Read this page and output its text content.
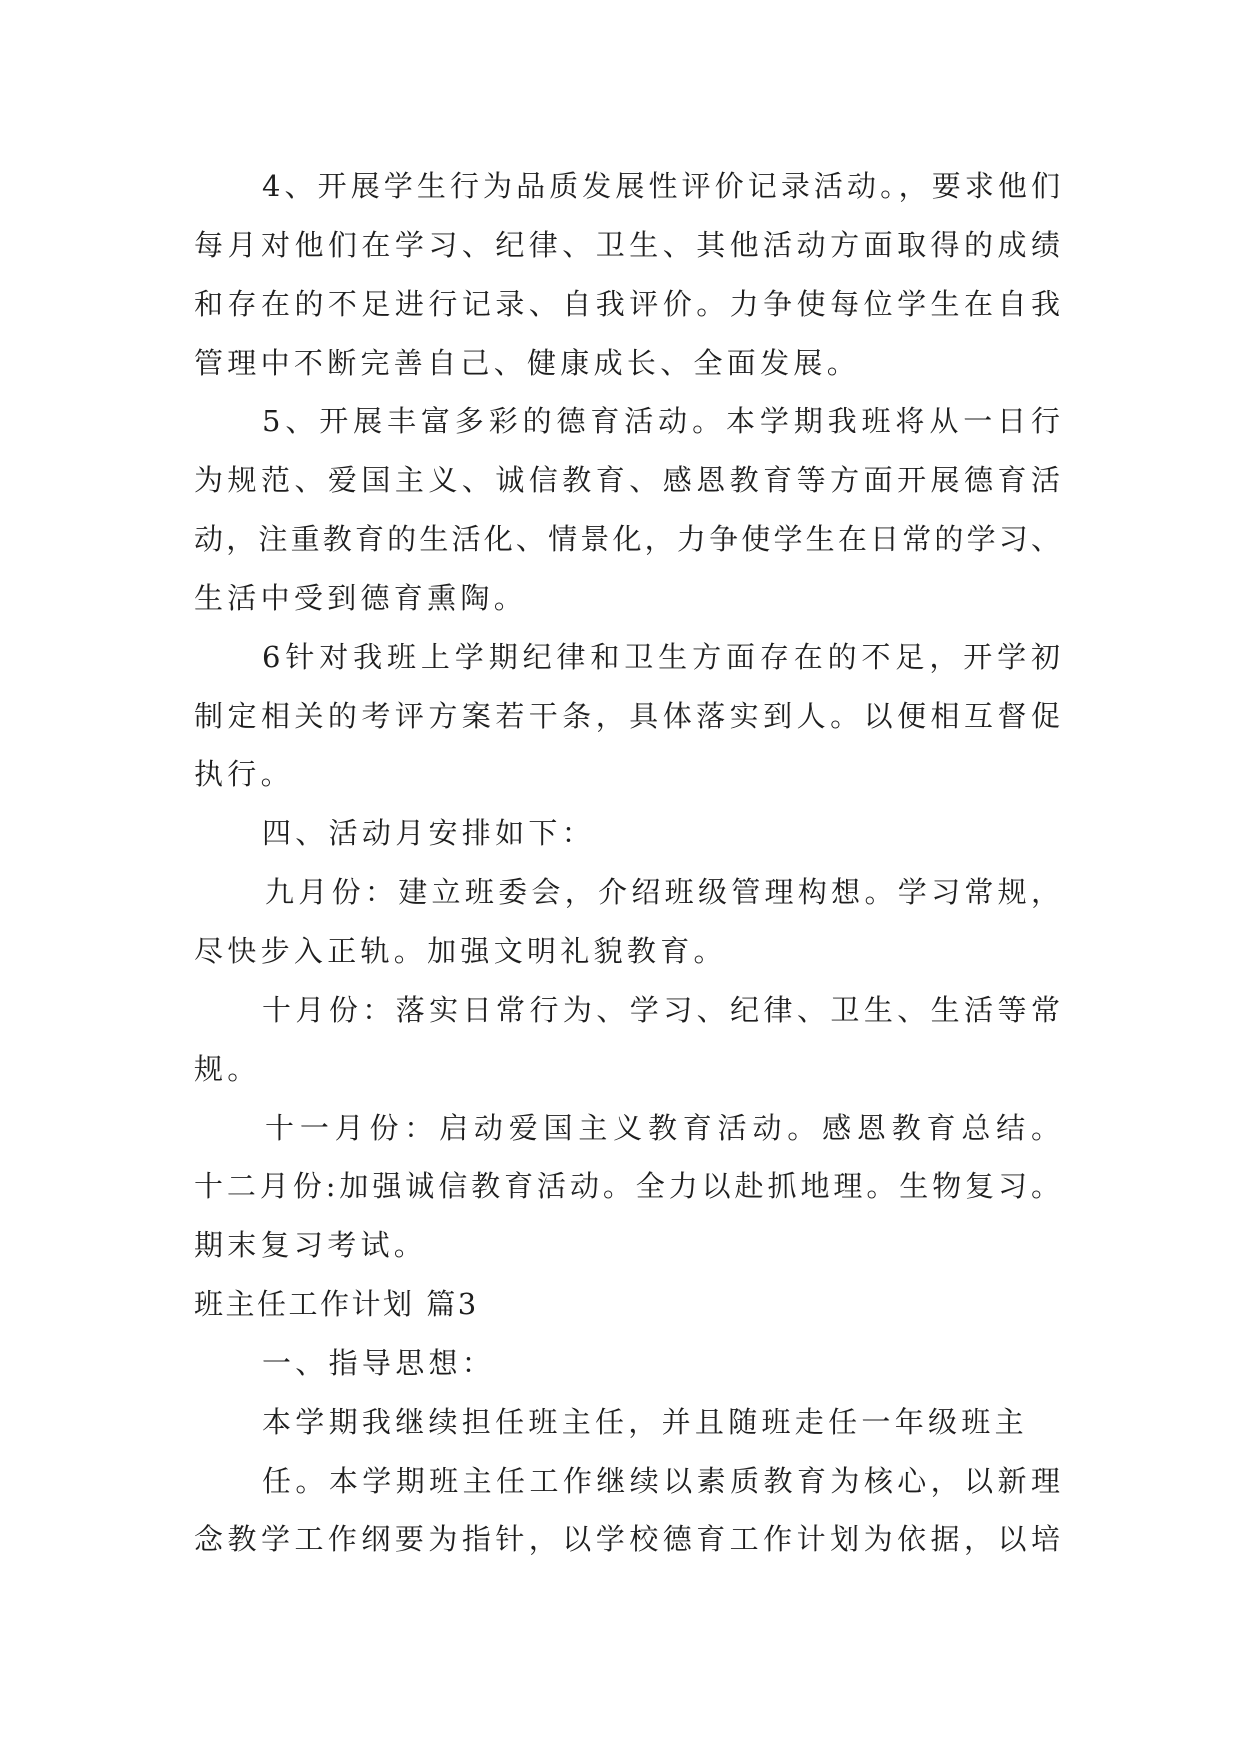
4、开展学生行为品质发展性评价记录活动。，要求他们
每月对他们在学习、纪律、卫生、其他活动方面取得的成绩
和存在的不足进行记录、自我评价。力争使每位学生在自我
管理中不断完善自己、健康成长、全面发展。
5、开展丰富多彩的德育活动。本学期我班将从一日行
为规范、爱国主义、诚信教育、感恩教育等方面开展德育活
动，注重教育的生活化、情景化，力争使学生在日常的学习、
生活中受到德育熏陶。
6针对我班上学期纪律和卫生方面存在的不足，开学初
制定相关的考评方案若干条，具体落实到人。以便相互督促
执行。
四、活动月安排如下：
九月份：建立班委会，介绍班级管理构想。学习常规，
尽快步入正轨。加强文明礼貌教育。
十月份：落实日常行为、学习、纪律、卫生、生活等常
规。
十一月份：启动爱国主义教育活动。感恩教育总结。
十二月份:加强诚信教育活动。全力以赴抓地理。生物复习。
期末复习考试。
班主任工作计划 篇3
一、指导思想：
本学期我继续担任班主任，并且随班走任一年级班主
任。本学期班主任工作继续以素质教育为核心，以新理
念教学工作纲要为指针，以学校德育工作计划为依据，以培
